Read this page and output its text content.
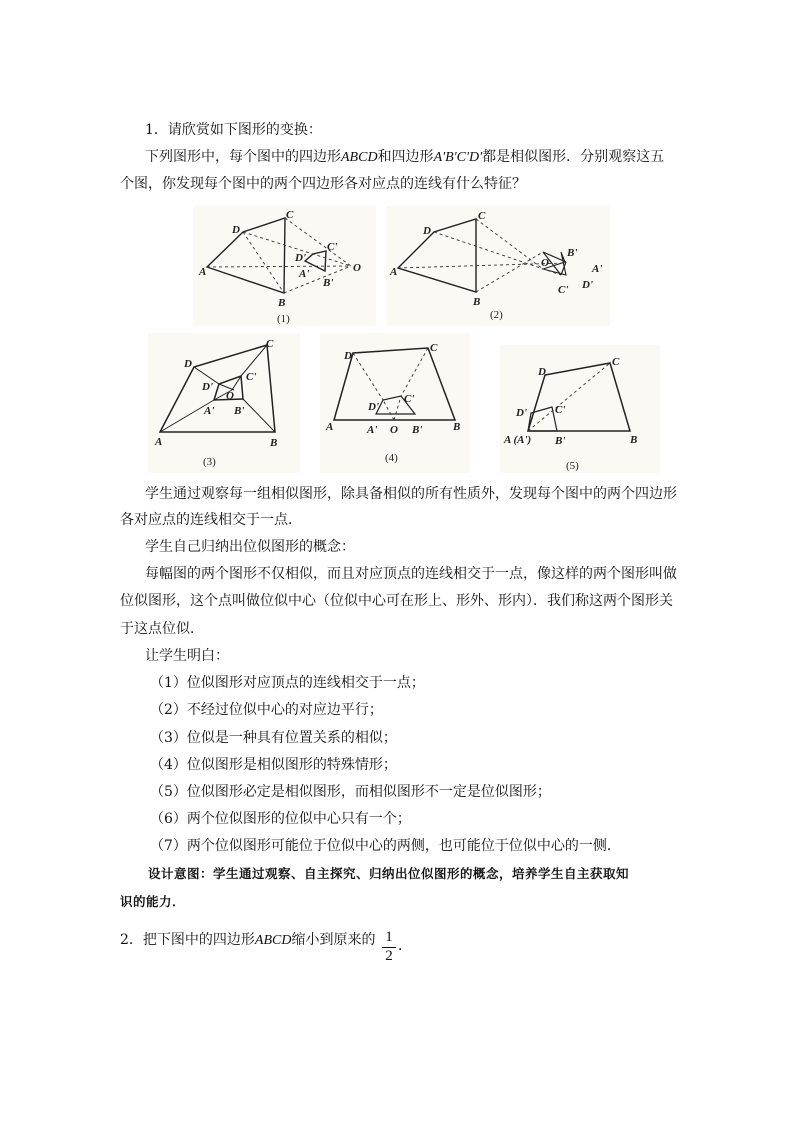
1．请欣赏如下图形的变换：
下列图形中，每个图中的四边形ABCD和四边形A'B'C'D'都是相似图形．分别观察这五
个图，你发现每个图中的两个四边形各对应点的连线有什么特征？
A
D
C
B
D'
A'
C'
B'
O
(1)
A
D
C
B
O
B'
A'
C' D'
(2)
A
D
C
B
D'
A'
O
C'
B'
(3)
A
D
C
B
D'
C'
A' O B'
(4)
A (A')
D
C
B
D'	C'
B'
(5)
学生通过观察每一组相似图形，除具备相似的所有性质外，发现每个图中的两个四边形
各对应点的连线相交于一点．
学生自己归纳出位似图形的概念：
每幅图的两个图形不仅相似，而且对应顶点的连线相交于一点，像这样的两个图形叫做
位似图形，这个点叫做位似中心（位似中心可在形上、形外、形内）．我们称这两个图形关
于这点位似．
让学生明白：
（1）位似图形对应顶点的连线相交于一点；
（2）不经过位似中心的对应边平行；
（3）位似是一种具有位置关系的相似；
（4）位似图形是相似图形的特殊情形；
（5）位似图形必定是相似图形，而相似图形不一定是位似图形；
（6）两个位似图形的位似中心只有一个；
（7）两个位似图形可能位于位似中心的两侧，也可能位于位似中心的一侧．
设计意图：学生通过观察、自主探究、归纳出位似图形的概念，培养学生自主获取知
识的能力．
2．把下图中的四边形ABCD缩小到原来的 1
2
．
